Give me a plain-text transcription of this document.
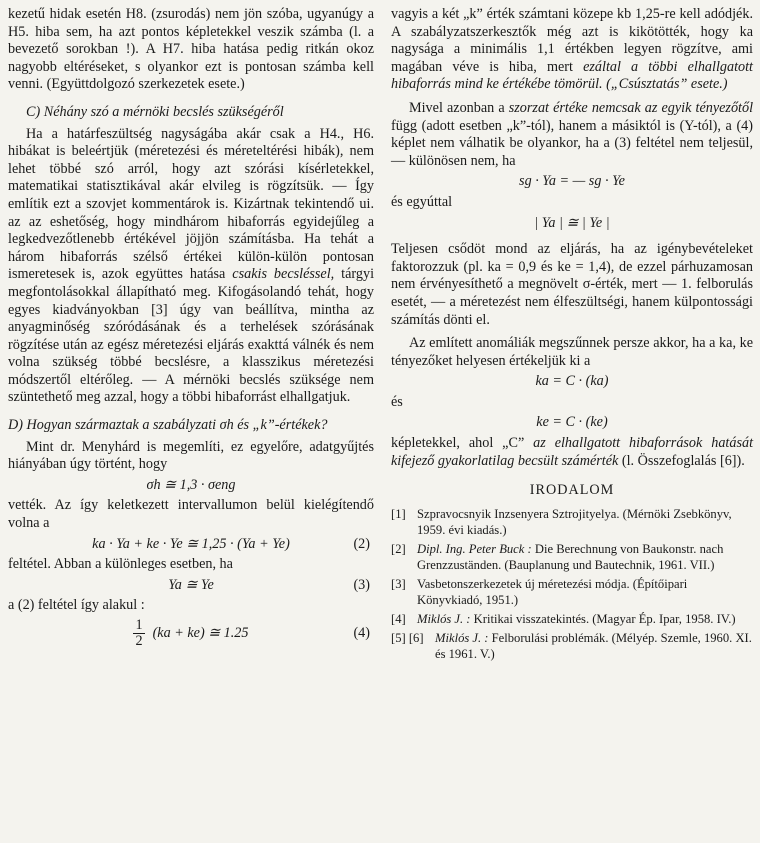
kezetű hidak esetén H8. (zsurodás) nem jön szóba, ugyanúgy a H5. hiba sem, ha azt pontos képletekkel veszik számba (l. a bevezető sorokban !). A H7. hiba hatása pedig ritkán okoz nagyobb eltéréseket, s olyankor ezt is pontosan számba kell venni. (Együttdolgozó szerkezetek esete.)

C) Néhány szó a mérnöki becslés szükségéről

Ha a határfeszültség nagyságába akár csak a H4., H6. hibákat is beleértjük (méretezési és méreteltérési hibák), nem lehet többé szó arról, hogy azt szórási kísérletekkel, matematikai statisztikával akár elvileg is rögzítsük. — Így említik ezt a szovjet kommentárok is. Kizártnak tekintendő ui. az az eshetőség, hogy mindhárom hibaforrás egyidejűleg a legkedvezőtlenebb értékével jöjjön számításba. Ha tehát a három hibaforrás szélső értékei külön-külön pontosan ismeretesek is, azok együttes hatása csakis becsléssel, tárgyi megfontolásokkal állapítható meg. Kifogásolandó tehát, hogy egyes kiadványokban [3] úgy van beállítva, mintha az anyagminőség szóródásának és a terhelések szórásának rögzítése után az egész méretezési eljárás exakttá válnék és nem volna szükség többé becslésre, a klasszikus méretezési módszertől eltérőleg. — A mérnöki becslés szüksége nem szüntethető meg azzal, hogy a többi hibaforrást elhallgatjuk.

D) Hogyan származtak a szabályzati σh és „k”-értékek?

Mint dr. Menyhárd is megemlíti, ez egyelőre, adatgyűjtés hiányában úgy történt, hogy

σh ≅ 1,3 · σeng

vették. Az így keletkezett intervallumon belül kielégítendő volna a

ka · Ya + ke · Ye ≅ 1,25 · (Ya + Ye)	(2)

feltétel. Abban a különleges esetben, ha

Ya ≅ Ye	(3)

a (2) feltétel így alakul :

$\frac{1}{2} (ka + ke)$ ≅ 1.25	(4)

vagyis a két „k” érték számtani közepe kb 1,25-re kell adódjék. A szabályzatszerkesztők még azt is kikötötték, hogy ka nagysága a minimális 1,1 értékben legyen rögzítve, ami magában véve is hiba, mert ezáltal a többi elhallgatott hibaforrás mind ke értékébe tömörül. („Csúsztatás” esete.)

Mivel azonban a szorzat értéke nemcsak az egyik tényezőtől függ (adott esetben „k”-tól), hanem a másiktól is (Y-tól), a (4) képlet nem válhatik be olyankor, ha a (3) feltétel nem teljesül, — különösen nem, ha

sg · Ya = — sg · Ye

és egyúttal

| Ya | ≅ | Ye |

Teljesen csődöt mond az eljárás, ha az igénybevételeket faktorozzuk (pl. ka = 0,9 és ke = 1,4), de ezzel párhuzamosan nem érvényesíthető a megnövelt σ-érték, mert — 1. felborulás esetét, — a méretezést nem élfeszültségi, hanem külpontossági számítás dönti el.

Az említett anomáliák megszűnnek persze akkor, ha a ka, ke tényezőket helyesen értékeljük ki a

ka = C · (ka)

és

ke = C · (ke)

képletekkel, ahol „C” az elhallgatott hibaforrások hatását kifejező gyakorlatilag becsült számérték (l. Összefoglalás [6]).

IRODALOM

[1] Szpravocsnyik Inzsenyera Sztrojityelya. (Mérnöki Zsebkönyv, 1959. évi kiadás.)
[2] Dipl. Ing. Peter Buck : Die Berechnung von Baukonstr. nach Grenzzuständen. (Bauplanung und Bautechnik, 1961. VII.)
[3] Vasbetonszerkezetek új méretezési módja. (Építőipari Könyvkiadó, 1951.)
[4] Miklós J. : Kritikai visszatekintés. (Magyar Ép. Ipar, 1958. IV.)
[5] [6] Miklós J. : Felborulási problémák. (Mélyép. Szemle, 1960. XI. és 1961. V.)
